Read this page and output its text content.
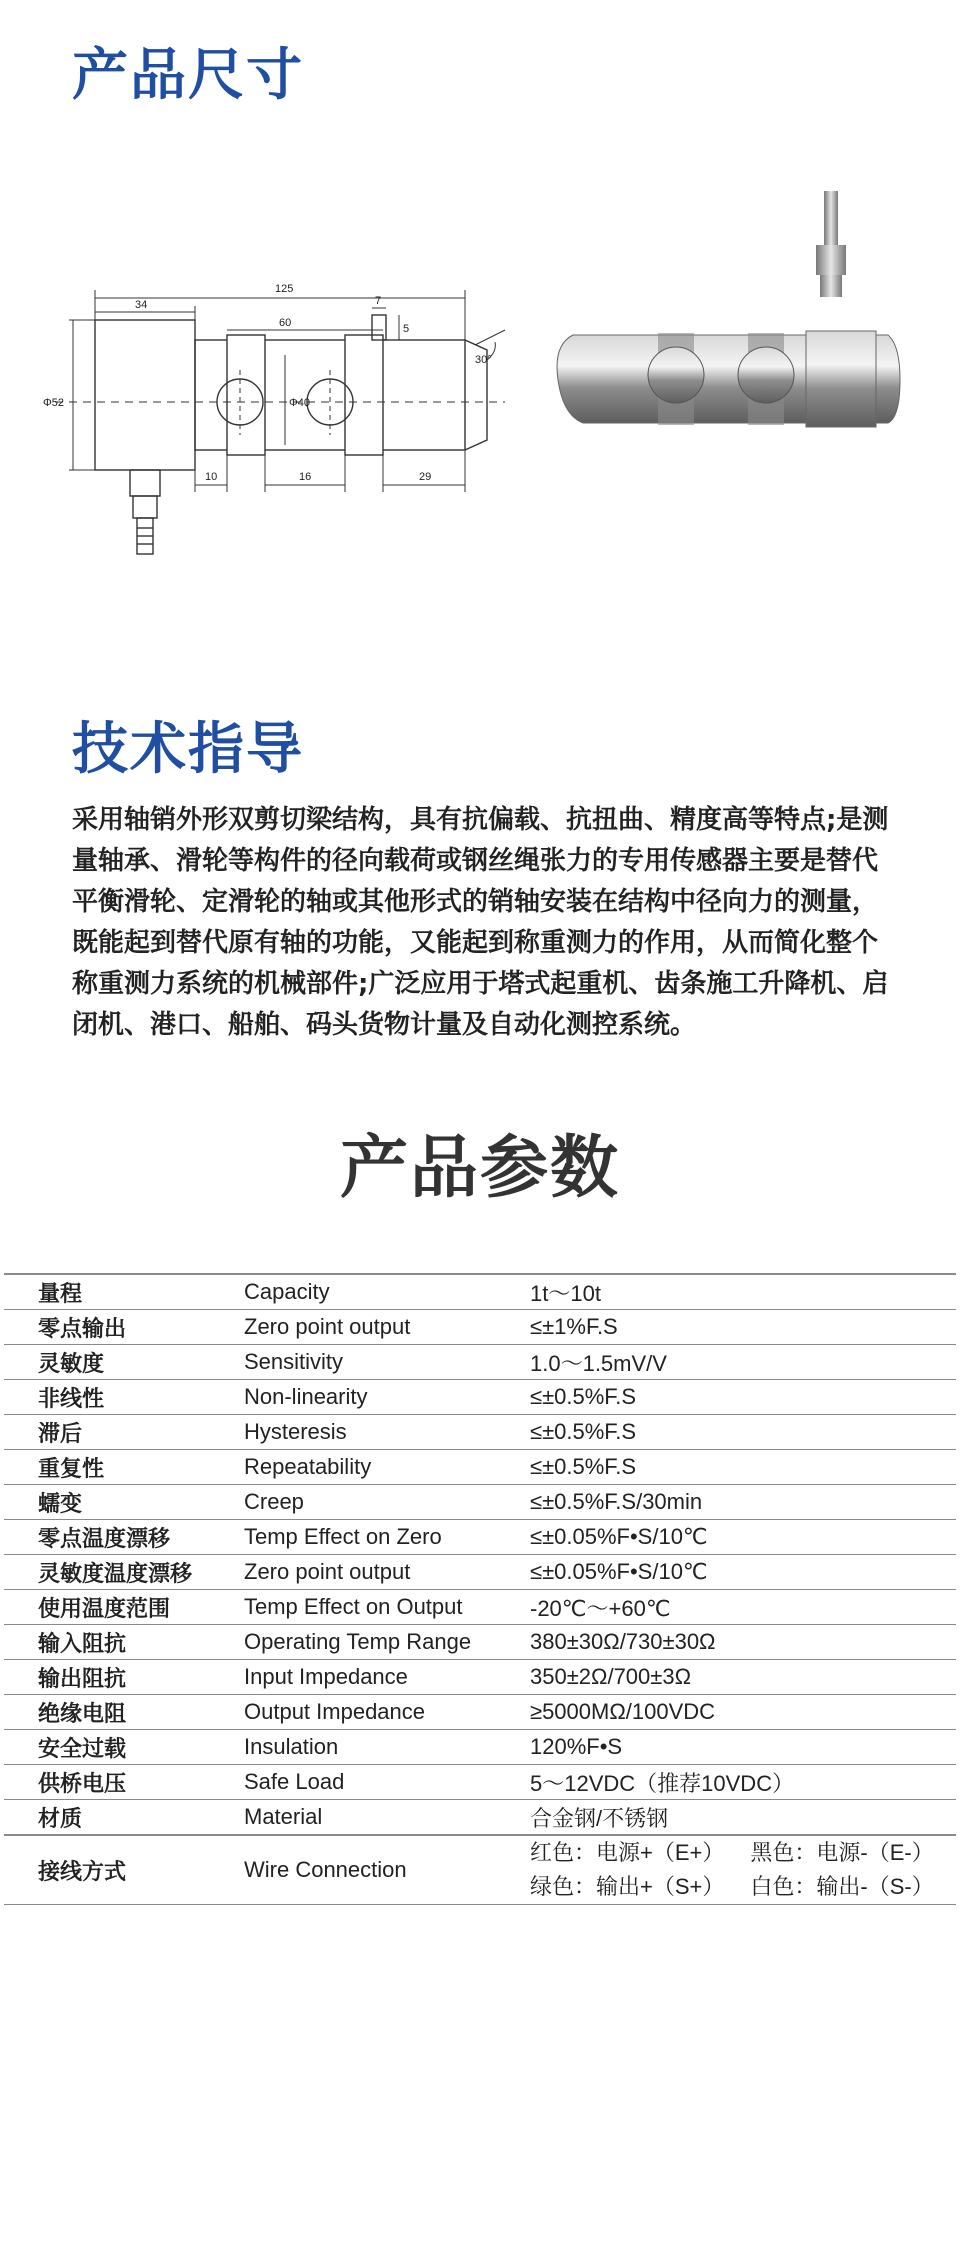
产品尺寸
125
34
60
7
5
30°
Φ52	Φ40
10	16	29
技术指导

采用轴销外形双剪切梁结构，具有抗偏载、抗扭曲、精度高等特点;是测量轴承、滑轮等构件的径向载荷或钢丝绳张力的专用传感器主要是替代平衡滑轮、定滑轮的轴或其他形式的销轴安装在结构中径向力的测量，既能起到替代原有轴的功能，又能起到称重测力的作用，从而简化整个称重测力系统的机械部件;广泛应用于塔式起重机、齿条施工升降机、启闭机、港口、船舶、码头货物计量及自动化测控系统。

产品参数
量程	Capacity	1t～10t
零点输出	Zero point output	≤±1%F.S
灵敏度	Sensitivity	1.0～1.5mV/V
非线性	Non-linearity	≤±0.5%F.S
滞后	Hysteresis	≤±0.5%F.S
重复性	Repeatability	≤±0.5%F.S
蠕变	Creep	≤±0.5%F.S/30min
零点温度漂移	Temp Effect on Zero	≤±0.05%F•S/10℃
灵敏度温度漂移	Zero point output	≤±0.05%F•S/10℃
使用温度范围	Temp Effect on Output	-20℃～+60℃
输入阻抗	Operating Temp Range	380±30Ω/730±30Ω
输出阻抗	Input Impedance	350±2Ω/700±3Ω
绝缘电阻	Output Impedance	≥5000MΩ/100VDC
安全过载	Insulation	120%F•S
供桥电压	Safe Load	5～12VDC（推荐10VDC）
材质	Material	合金钢/不锈钢
接线方式	Wire Connection	红色：电源+（E+） 黑色：电源-（E-）
绿色：输出+（S+） 白色：输出-（S-）
